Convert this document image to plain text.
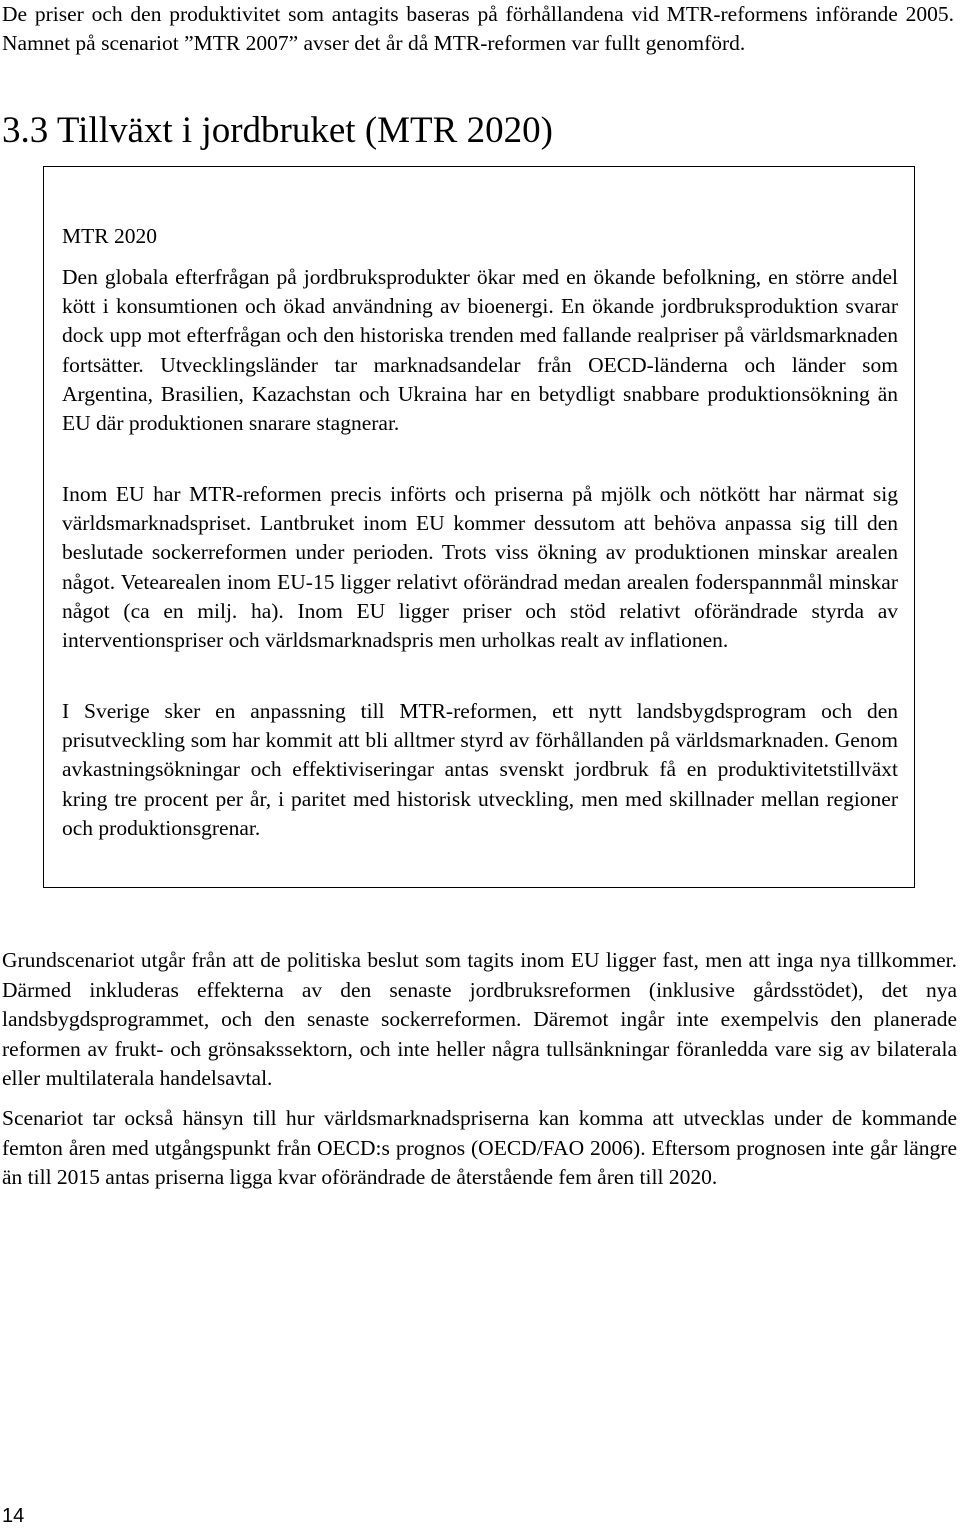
De priser och den produktivitet som antagits baseras på förhållandena vid MTR-reformens införande 2005. Namnet på scenariot ”MTR 2007” avser det år då MTR-reformen var fullt genomförd.

3.3 Tillväxt i jordbruket (MTR 2020)

MTR 2020

Den globala efterfrågan på jordbruksprodukter ökar med en ökande befolkning, en större andel kött i konsumtionen och ökad användning av bioenergi. En ökande jordbruksproduktion svarar dock upp mot efterfrågan och den historiska trenden med fallande realpriser på världsmarknaden fortsätter. Utvecklingsländer tar marknadsandelar från OECD-länderna och länder som Argentina, Brasilien, Kazachstan och Ukraina har en betydligt snabbare produktionsökning än EU där produktionen snarare stagnerar.

Inom EU har MTR-reformen precis införts och priserna på mjölk och nötkött har närmat sig världsmarknadspriset. Lantbruket inom EU kommer dessutom att behöva anpassa sig till den beslutade sockerreformen under perioden. Trots viss ökning av produktionen minskar arealen något. Vetearealen inom EU-15 ligger relativt oförändrad medan arealen foderspannmål minskar något (ca en milj. ha). Inom EU ligger priser och stöd relativt oförändrade styrda av interventionspriser och världsmarknadspris men urholkas realt av inflationen.

I Sverige sker en anpassning till MTR-reformen, ett nytt landsbygdsprogram och den prisutveckling som har kommit att bli alltmer styrd av förhållanden på världsmarknaden. Genom avkastningsökningar och effektiviseringar antas svenskt jordbruk få en produktivitetstillväxt kring tre procent per år, i paritet med historisk utveckling, men med skillnader mellan regioner och produktionsgrenar.

Grundscenariot utgår från att de politiska beslut som tagits inom EU ligger fast, men att inga nya tillkommer. Därmed inkluderas effekterna av den senaste jordbruksreformen (inklusive gårdsstödet), det nya landsbygdsprogrammet, och den senaste sockerreformen. Däremot ingår inte exempelvis den planerade reformen av frukt- och grönsakssektorn, och inte heller några tullsänkningar föranledda vare sig av bilaterala eller multilaterala handelsavtal.

Scenariot tar också hänsyn till hur världsmarknadspriserna kan komma att utvecklas under de kommande femton åren med utgångspunkt från OECD:s prognos (OECD/FAO 2006). Eftersom prognosen inte går längre än till 2015 antas priserna ligga kvar oförändrade de återstående fem åren till 2020.

14
